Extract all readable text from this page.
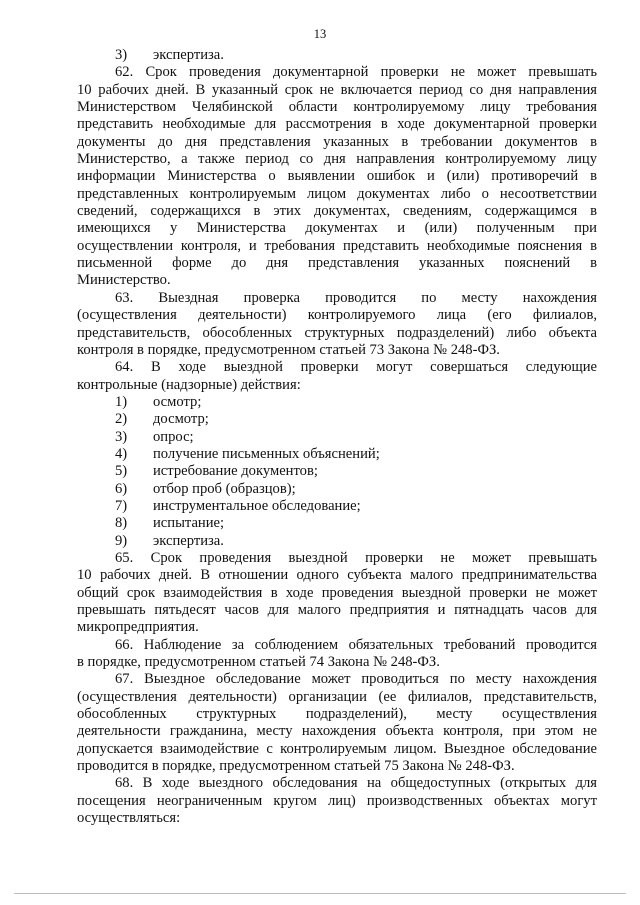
13
3) экспертиза.
62. Срок проведения документарной проверки не может превышать
10 рабочих дней. В указанный срок не включается период со дня направления
Министерством Челябинской области контролируемому лицу требования
представить необходимые для рассмотрения в ходе документарной проверки
документы до дня представления указанных в требовании документов в
Министерство, а также период со дня направления контролируемому лицу
информации Министерства о выявлении ошибок и (или) противоречий в
представленных контролируемым лицом документах либо о несоответствии
сведений, содержащихся в этих документах, сведениям, содержащимся в
имеющихся у Министерства документах и (или) полученным при
осуществлении контроля, и требования представить необходимые пояснения в
письменной форме до дня представления указанных пояснений в
Министерство.
63. Выездная проверка проводится по месту нахождения
(осуществления деятельности) контролируемого лица (его филиалов,
представительств, обособленных структурных подразделений) либо объекта
контроля в порядке, предусмотренном статьей 73 Закона № 248-ФЗ.
64. В ходе выездной проверки могут совершаться следующие
контрольные (надзорные) действия:
1) осмотр;
2) досмотр;
3) опрос;
4) получение письменных объяснений;
5) истребование документов;
6) отбор проб (образцов);
7) инструментальное обследование;
8) испытание;
9) экспертиза.
65. Срок проведения выездной проверки не может превышать
10 рабочих дней. В отношении одного субъекта малого предпринимательства
общий срок взаимодействия в ходе проведения выездной проверки не может
превышать пятьдесят часов для малого предприятия и пятнадцать часов для
микропредприятия.
66. Наблюдение за соблюдением обязательных требований проводится
в порядке, предусмотренном статьей 74 Закона № 248-ФЗ.
67. Выездное обследование может проводиться по месту нахождения
(осуществления деятельности) организации (ее филиалов, представительств,
обособленных структурных подразделений), месту осуществления
деятельности гражданина, месту нахождения объекта контроля, при этом не
допускается взаимодействие с контролируемым лицом. Выездное обследование
проводится в порядке, предусмотренном статьей 75 Закона № 248-ФЗ.
68. В ходе выездного обследования на общедоступных (открытых для
посещения неограниченным кругом лиц) производственных объектах могут
осуществляться:
